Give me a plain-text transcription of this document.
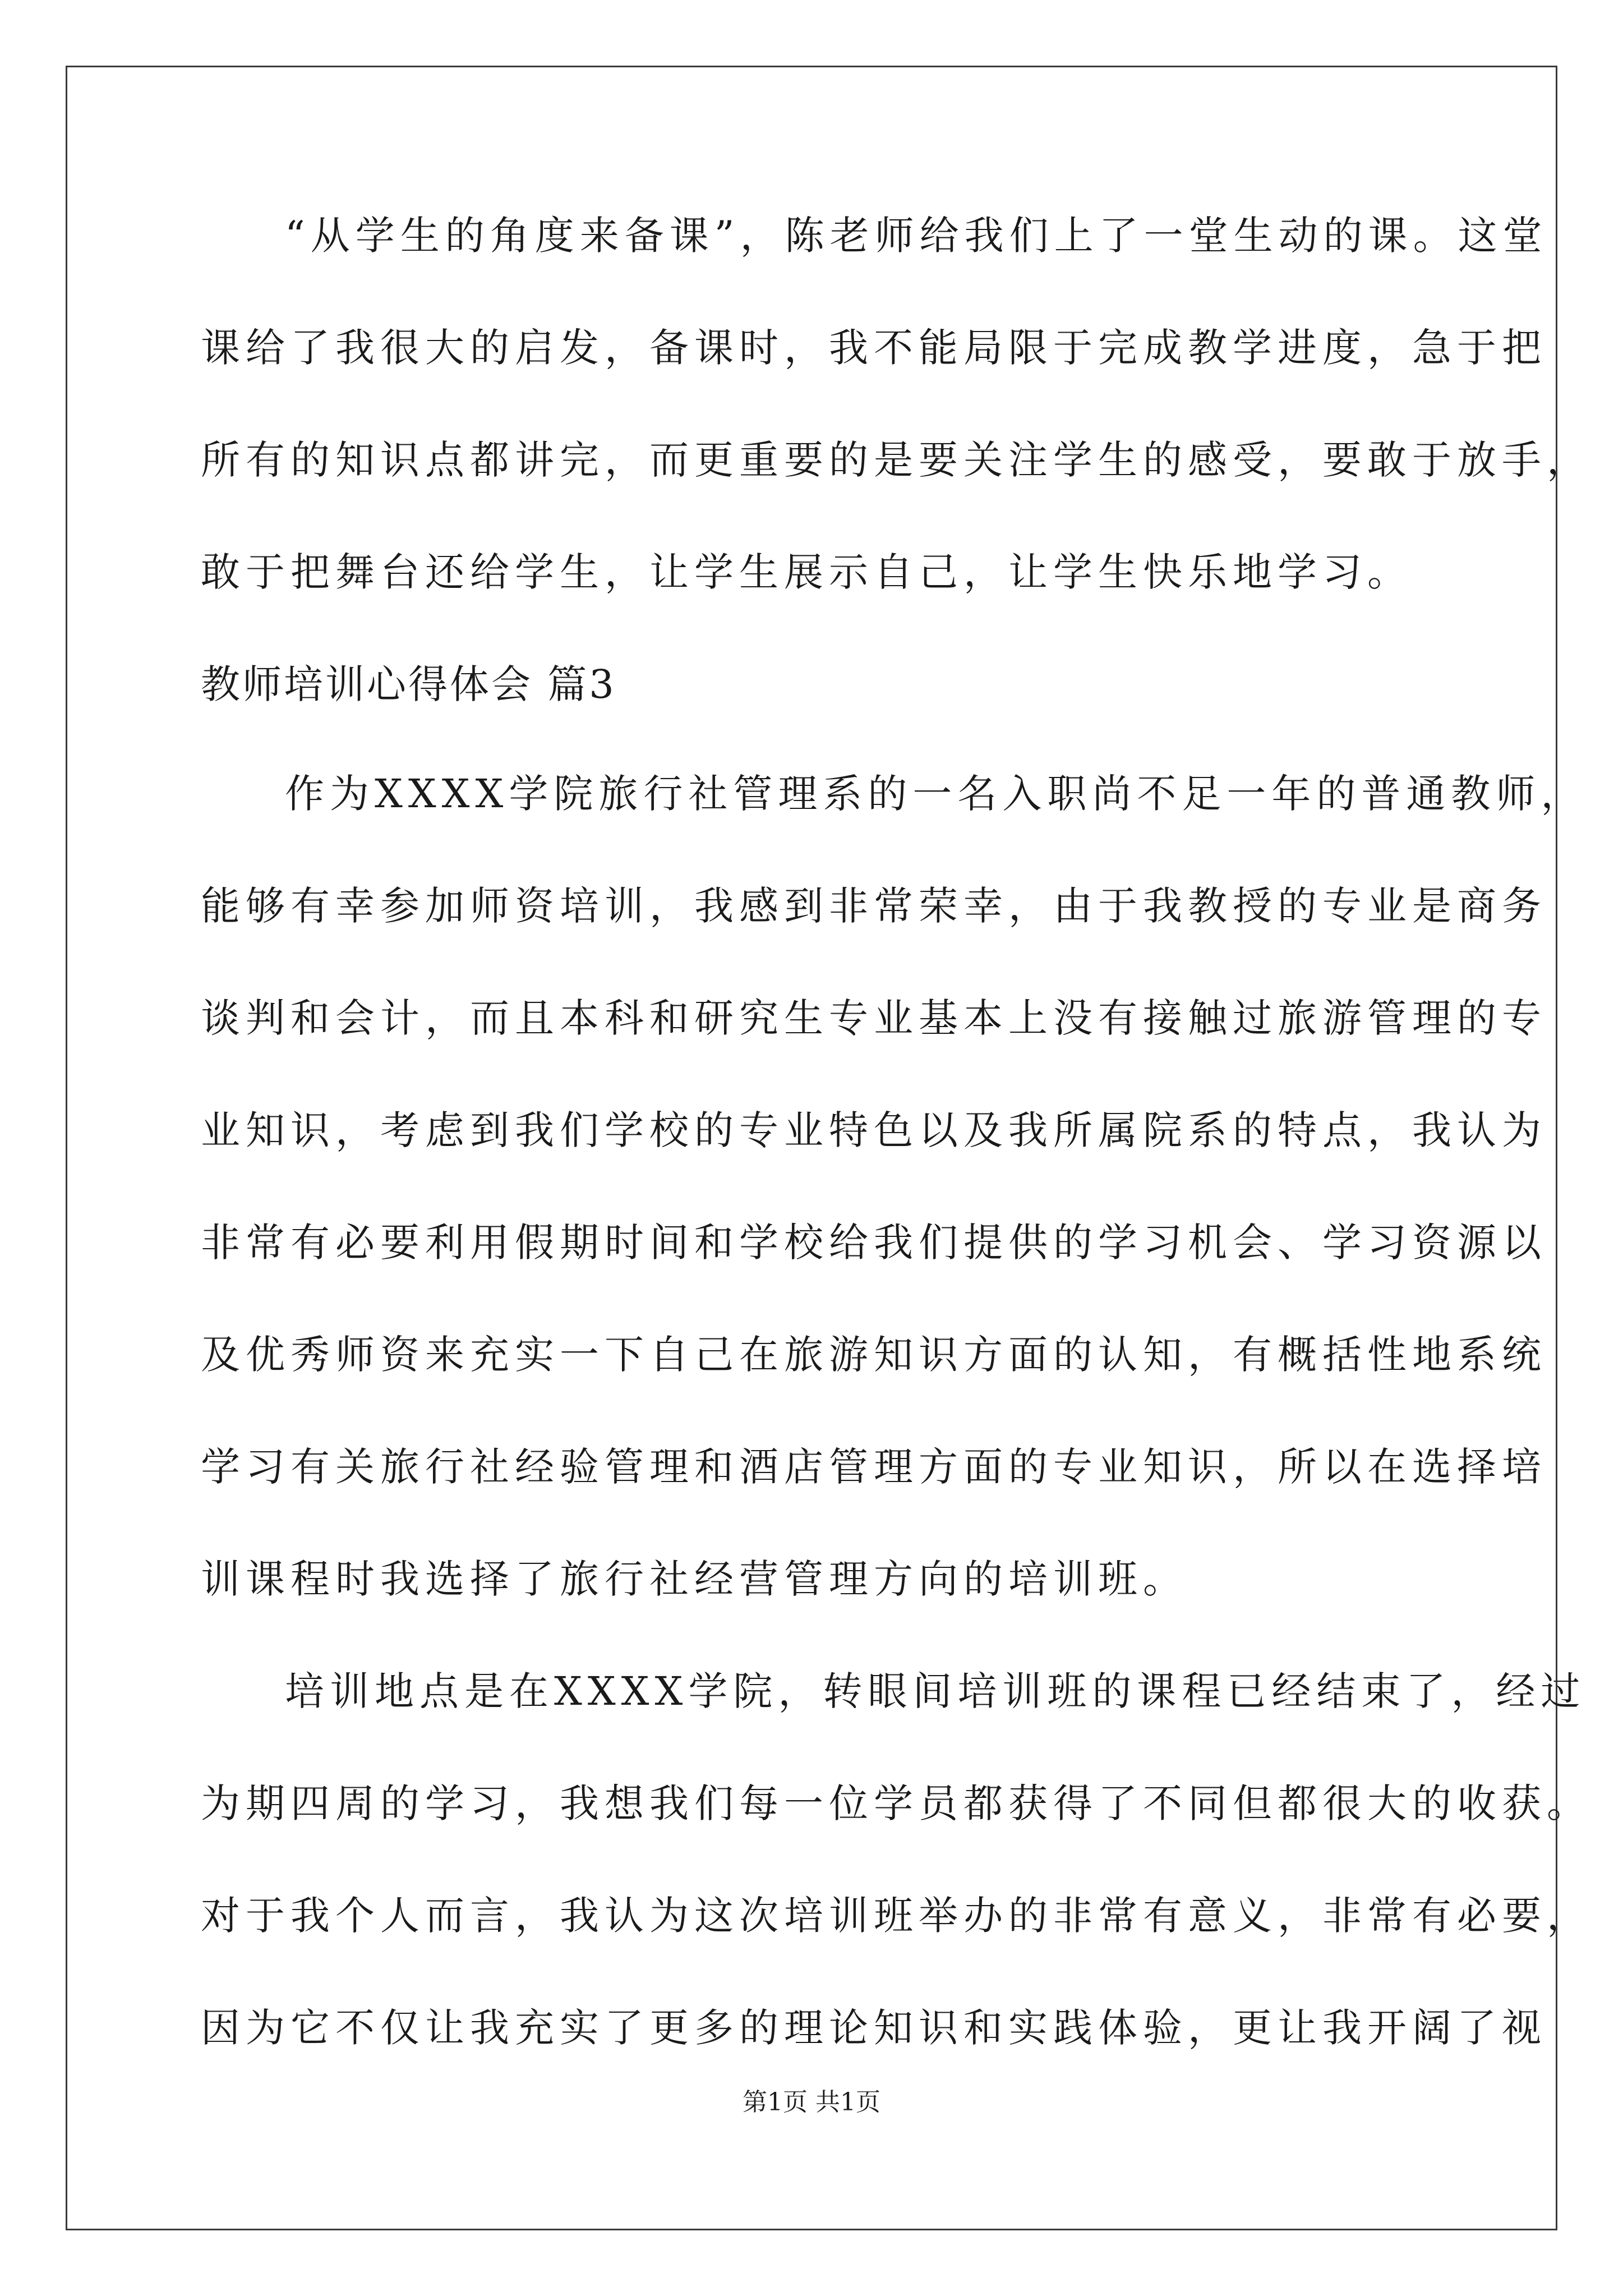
“从学生的角度来备课”，陈老师给我们上了一堂生动的课。这堂
课给了我很大的启发，备课时，我不能局限于完成教学进度，急于把
所有的知识点都讲完，而更重要的是要关注学生的感受，要敢于放手，
敢于把舞台还给学生，让学生展示自己，让学生快乐地学习。
教师培训心得体会 篇3
作为XXXX学院旅行社管理系的一名入职尚不足一年的普通教师，
能够有幸参加师资培训，我感到非常荣幸，由于我教授的专业是商务
谈判和会计，而且本科和研究生专业基本上没有接触过旅游管理的专
业知识，考虑到我们学校的专业特色以及我所属院系的特点，我认为
非常有必要利用假期时间和学校给我们提供的学习机会、学习资源以
及优秀师资来充实一下自己在旅游知识方面的认知，有概括性地系统
学习有关旅行社经验管理和酒店管理方面的专业知识，所以在选择培
训课程时我选择了旅行社经营管理方向的培训班。
培训地点是在XXXX学院，转眼间培训班的课程已经结束了，经过
为期四周的学习，我想我们每一位学员都获得了不同但都很大的收获。
对于我个人而言，我认为这次培训班举办的非常有意义，非常有必要，
因为它不仅让我充实了更多的理论知识和实践体验，更让我开阔了视
第1页 共1页
